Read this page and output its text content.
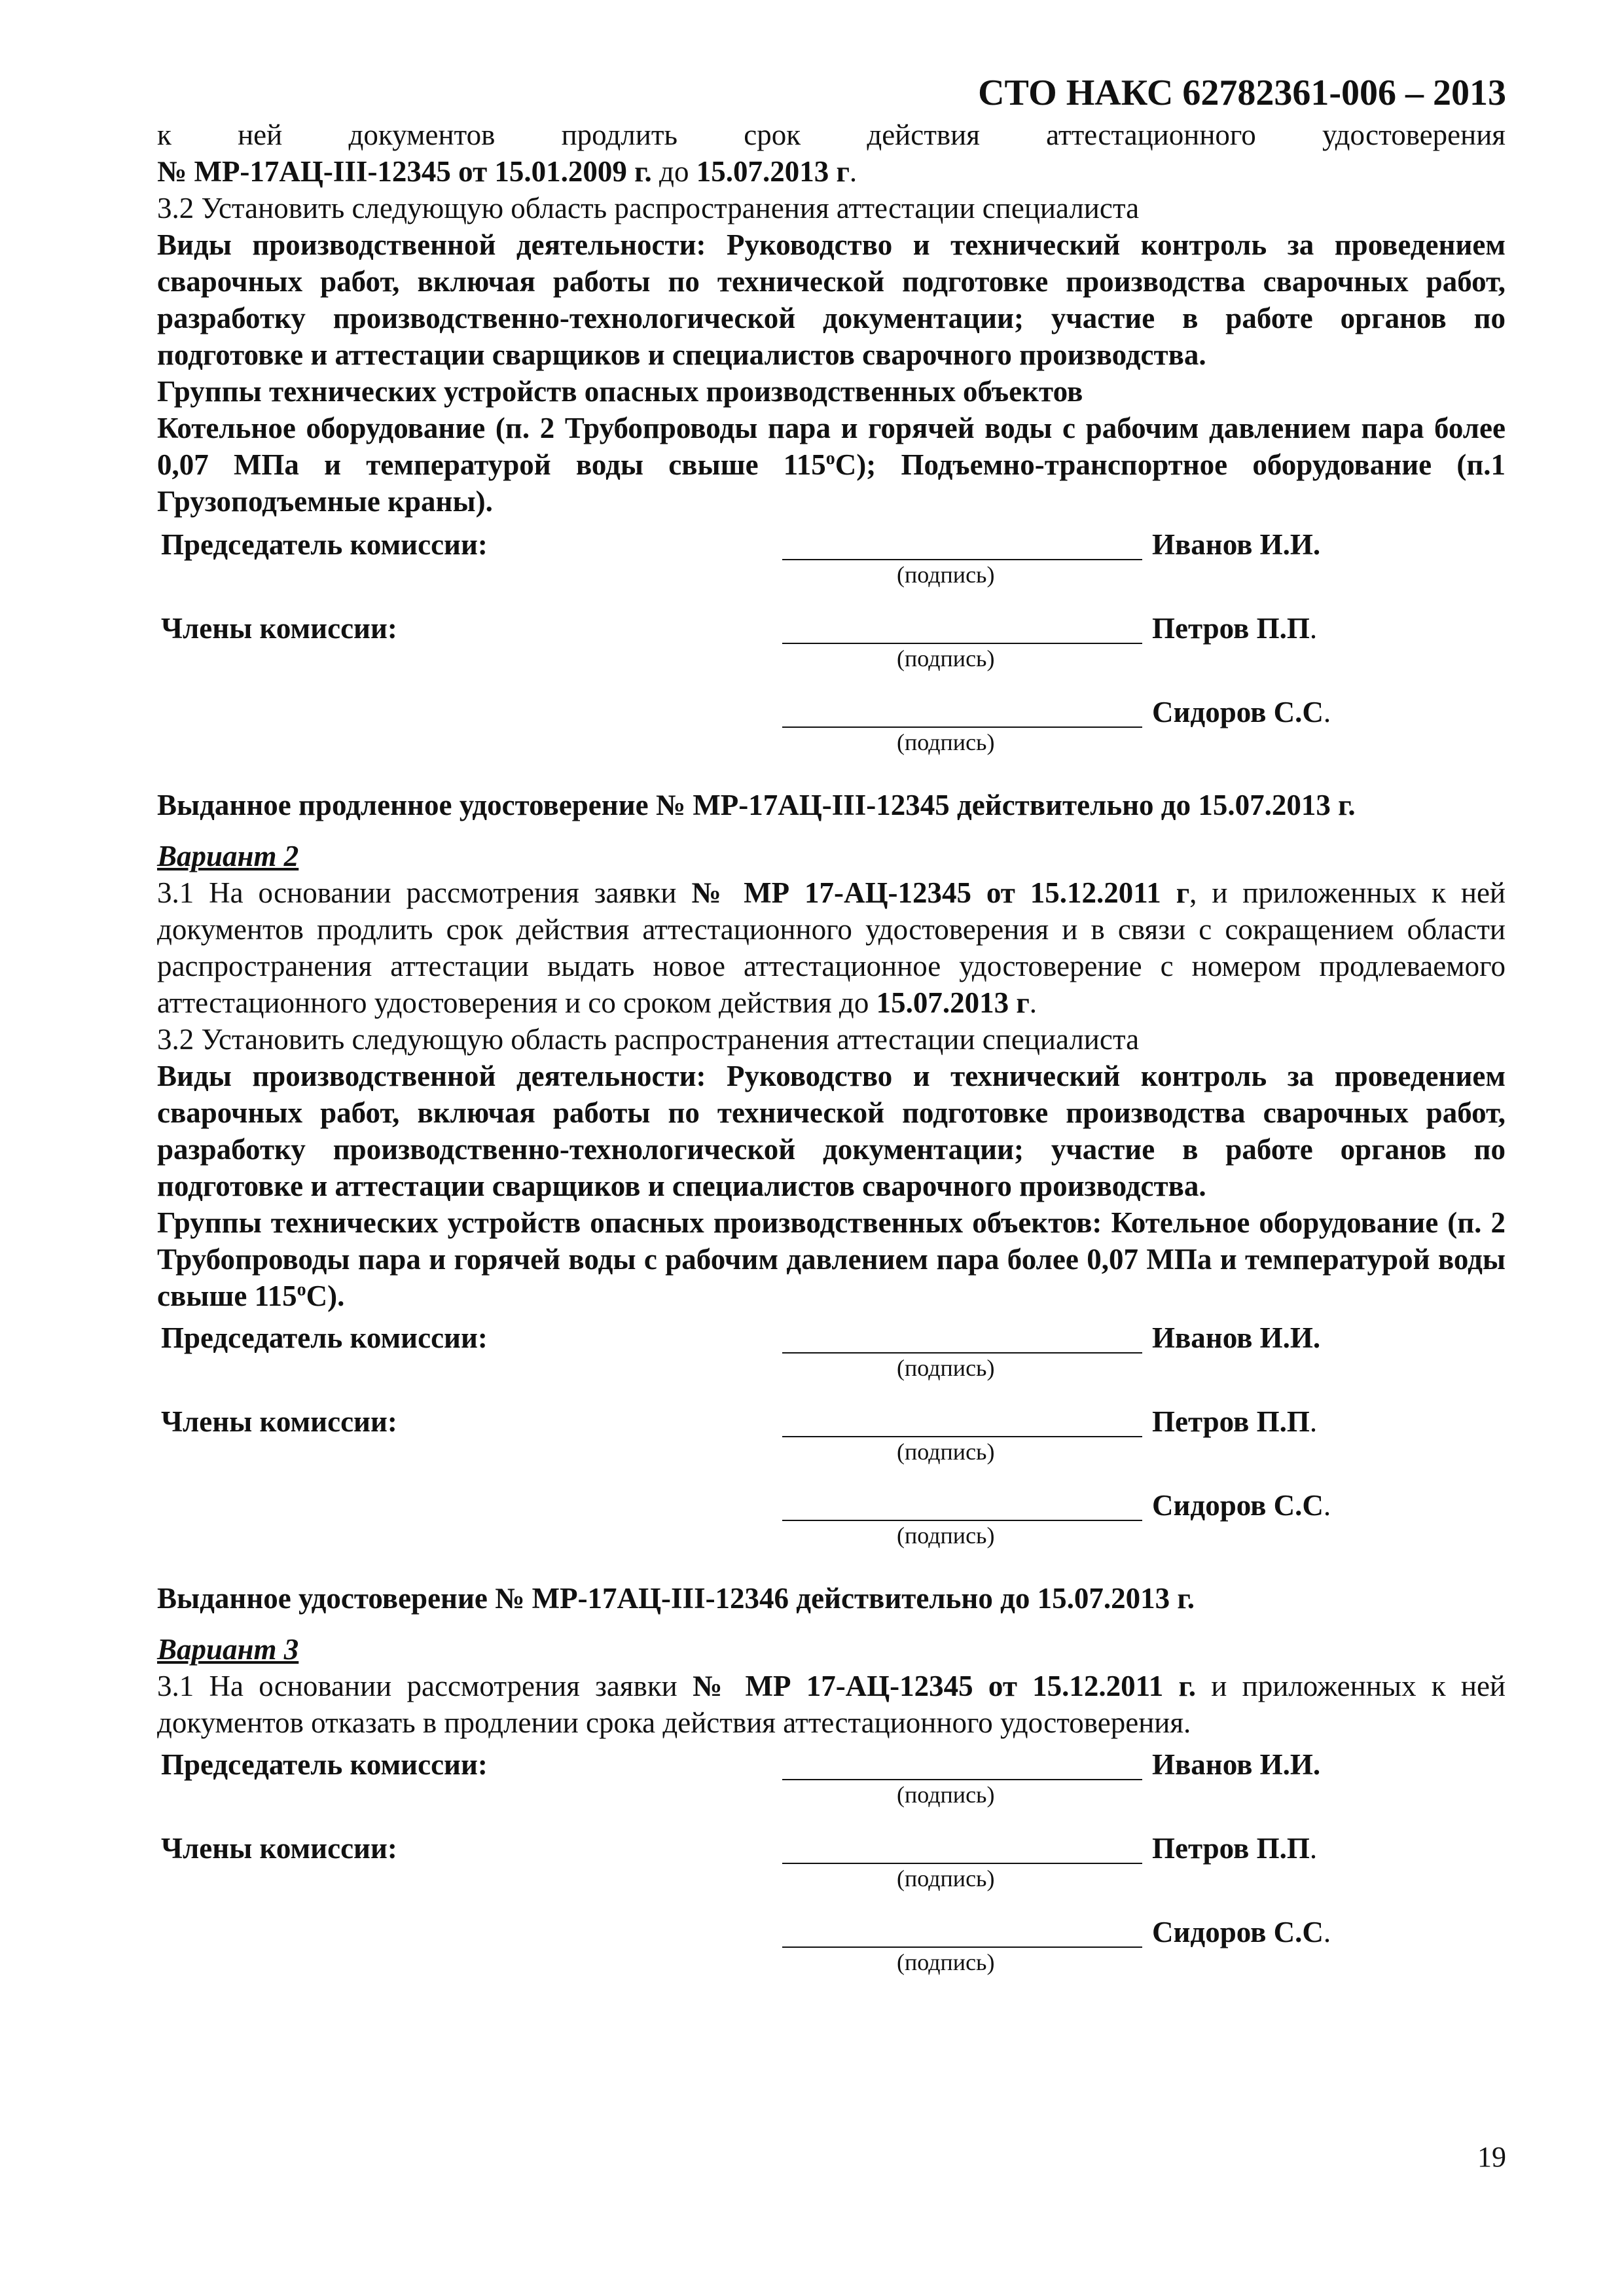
СТО НАКС 62782361-006 – 2013

к ней документов продлить срок действия аттестационного удостоверения

№ МР-17АЦ-III-12345 от 15.01.2009 г. до 15.07.2013 г.

3.2 Установить следующую область распространения аттестации специалиста

Виды производственной деятельности: Руководство и технический контроль за проведением сварочных работ, включая работы по технической подготовке производства сварочных работ, разработку производственно-технологической документации; участие в работе органов по подготовке и аттестации сварщиков и специалистов сварочного производства.

Группы технических устройств опасных производственных объектов

Котельное оборудование (п. 2 Трубопроводы пара и горячей воды с рабочим давлением пара более 0,07 МПа и температурой воды свыше $115^оС$); Подъемно-транспортное оборудование (п.1 Грузоподъемные краны).

Председатель комиссии:	Иванов И.И.
(подпись)
Члены комиссии:	Петров П.П.
(подпись)
Сидоров С.С.
(подпись)

Выданное продленное удостоверение № МР-17АЦ-III-12345 действительно до 15.07.2013 г.

Вариант 2

3.1 На основании рассмотрения заявки № МР 17-АЦ-12345 от 15.12.2011 г, и приложенных к ней документов продлить срок действия аттестационного удостоверения и в связи с сокращением области распространения аттестации выдать новое аттестационное удостоверение с номером продлеваемого аттестационного удостоверения и со сроком действия до 15.07.2013 г.

3.2 Установить следующую область распространения аттестации специалиста

Виды производственной деятельности: Руководство и технический контроль за проведением сварочных работ, включая работы по технической подготовке производства сварочных работ, разработку производственно-технологической документации; участие в работе органов по подготовке и аттестации сварщиков и специалистов сварочного производства.

Группы технических устройств опасных производственных объектов: Котельное оборудование (п. 2 Трубопроводы пара и горячей воды с рабочим давлением пара более 0,07 МПа и температурой воды свыше $115^оС$).

Председатель комиссии:	Иванов И.И.
(подпись)
Члены комиссии:	Петров П.П.
(подпись)
Сидоров С.С.
(подпись)

Выданное удостоверение № МР-17АЦ-III-12346 действительно до 15.07.2013 г.

Вариант 3

3.1 На основании рассмотрения заявки № МР 17-АЦ-12345 от 15.12.2011 г. и приложенных к ней документов отказать в продлении срока действия аттестационного удостоверения.

Председатель комиссии:	Иванов И.И.
(подпись)
Члены комиссии:	Петров П.П.
(подпись)
Сидоров С.С.
(подпись)
19
